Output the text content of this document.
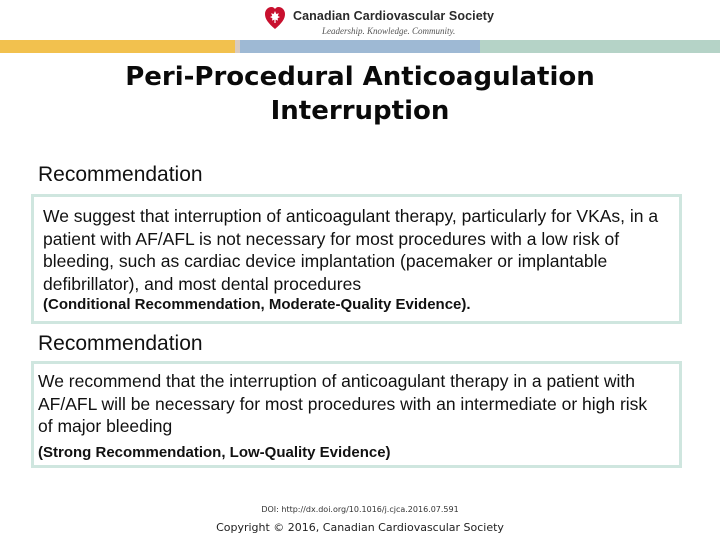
Canadian Cardiovascular Society
Leadership. Knowledge. Community.
Peri-Procedural Anticoagulation
Interruption
Recommendation
We suggest that interruption of anticoagulant therapy, particularly for VKAs, in a patient with AF/AFL is not necessary for most procedures with a low risk of bleeding, such as cardiac device implantation (pacemaker or implantable defibrillator), and most dental procedures
(Conditional Recommendation, Moderate-Quality Evidence).
Recommendation
We recommend that the interruption of anticoagulant therapy in a patient with AF/AFL will be necessary for most procedures with an intermediate or high risk of major bleeding
(Strong Recommendation, Low-Quality Evidence)
DOI: http://dx.doi.org/10.1016/j.cjca.2016.07.591
Copyright © 2016, Canadian Cardiovascular Society
